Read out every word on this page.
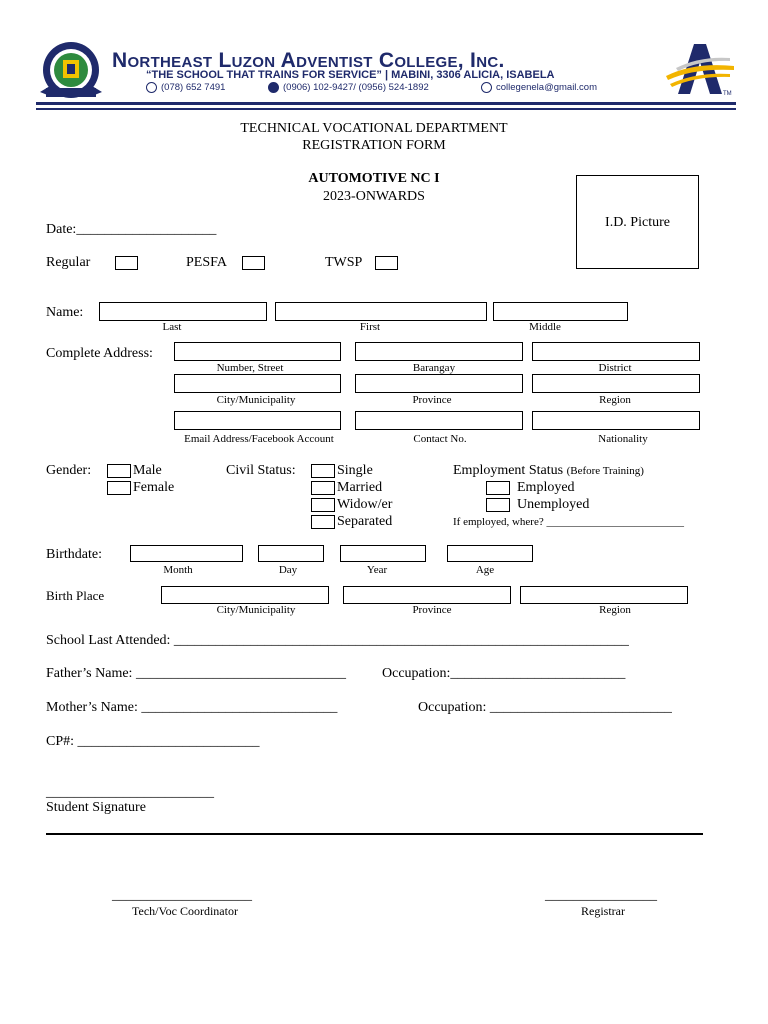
Northeast Luzon Adventist College, Inc.
“THE SCHOOL THAT TRAINS FOR SERVICE” | MABINI, 3306 ALICIA, ISABELA
(078) 652 7491	(0906) 102-9427/ (0956) 524-1892	collegenela@gmail.com
TM
TECHNICAL VOCATIONAL DEPARTMENT
REGISTRATION FORM
AUTOMOTIVE NC I
2023-ONWARDS
I.D. Picture
Date:____________________
Regular	PESFA	TWSP
Name:
Last	First	Middle
Complete Address:
Number, Street	Barangay	District
City/Municipality	Province	Region
Email Address/Facebook Account	Contact No.	Nationality
Gender:	Male
Female
Civil Status:	Single
Married
Widow/er
Separated
Employment Status (Before Training)
Employed
Unemployed
If employed, where? _________________________
Birthdate:
Month	Day	Year	Age
Birth Place
City/Municipality	Province	Region
School Last Attended: _________________________________________________________________
Father’s Name: ______________________________	Occupation:_________________________
Mother’s Name: ____________________________	Occupation: __________________________
CP#: __________________________
________________________
Student Signature
____________________
Tech/Voc Coordinator
________________
Registrar
